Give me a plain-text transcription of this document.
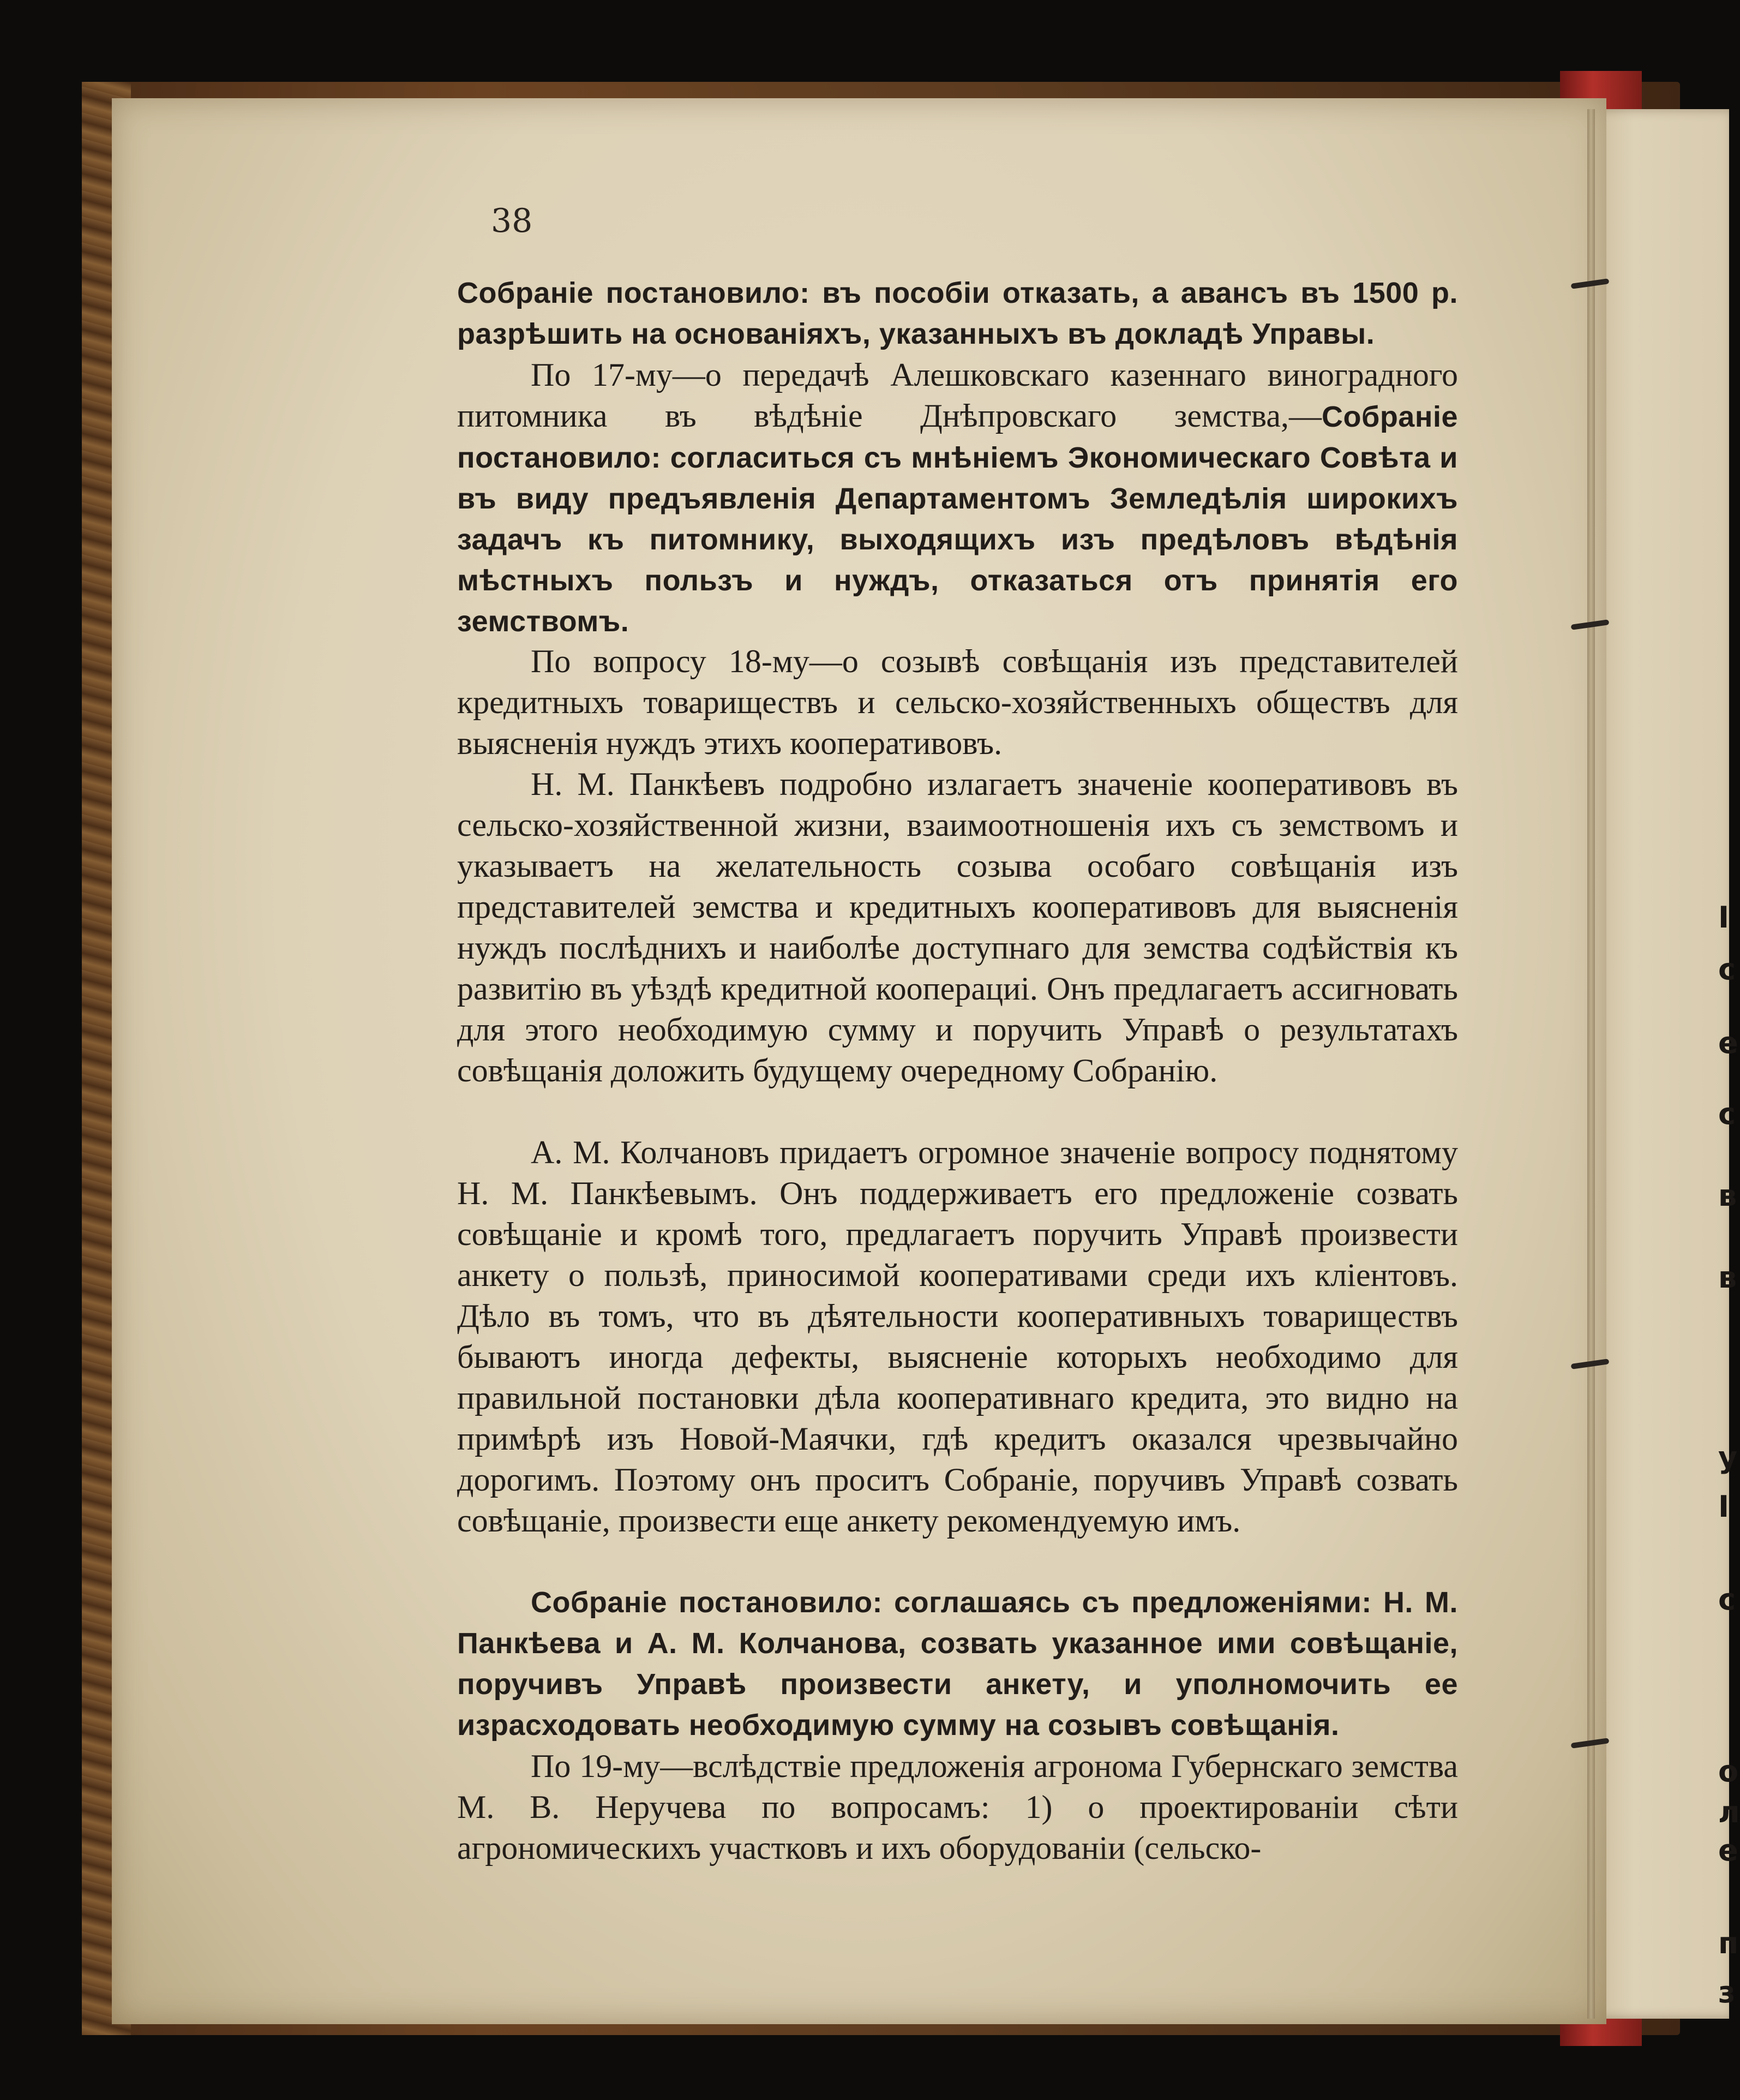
I
с
е
с
в
в
у
I
с
о
л
е
п
з

38

Собраніе постановило: въ пособіи отказать, а авансъ въ 1500 р. разрѣшить на основаніяхъ, указанныхъ въ докладѣ Управы.

По 17-му—о передачѣ Алешковскаго казеннаго виноградного питомника въ вѣдѣніе Днѣпровскаго земства,—Собраніе постановило: согласиться съ мнѣніемъ Экономическаго Совѣта и въ виду предъявленія Департаментомъ Земледѣлія широкихъ задачъ къ питомнику, выходящихъ изъ предѣловъ вѣдѣнія мѣстныхъ пользъ и нуждъ, отказаться отъ принятія его земствомъ.

По вопросу 18-му—о созывѣ совѣщанія изъ представителей кредитныхъ товариществъ и сельско-хозяйственныхъ обществъ для выясненія нуждъ этихъ кооперативовъ.

Н. М. Панкѣевъ подробно излагаетъ значеніе кооперативовъ въ сельско-хозяйственной жизни, взаимоотношенія ихъ съ земствомъ и указываетъ на желательность созыва особаго совѣщанія изъ представителей земства и кредитныхъ кооперативовъ для выясненія нуждъ послѣднихъ и наиболѣе доступнаго для земства содѣйствія къ развитію въ уѣздѣ кредитной кооперациі. Онъ предлагаетъ ассигновать для этого необходимую сумму и поручить Управѣ о результатахъ совѣщанія доложить будущему очередному Собранію.

А. М. Колчановъ придаетъ огромное значеніе вопросу поднятому Н. М. Панкѣевымъ. Онъ поддерживаетъ его предложеніе созвать совѣщаніе и кромѣ того, предлагаетъ поручить Управѣ произвести анкету о пользѣ, приносимой кооперативами среди ихъ кліентовъ. Дѣло въ томъ, что въ дѣятельности кооперативныхъ товариществъ бываютъ иногда дефекты, выясненіе которыхъ необходимо для правильной постановки дѣла кооперативнаго кредита, это видно на примѣрѣ изъ Новой-Маячки, гдѣ кредитъ оказался чрезвычайно дорогимъ. Поэтому онъ проситъ Собраніе, поручивъ Управѣ созвать совѣщаніе, произвести еще анкету рекомендуемую имъ.

Собраніе постановило: соглашаясь съ предложеніями: Н. М. Панкѣева и А. М. Колчанова, созвать указанное ими совѣщаніе, поручивъ Управѣ произвести анкету, и уполномочить ее израсходовать необходимую сумму на созывъ совѣщанія.

По 19-му—вслѣдствіе предложенія агронома Губернскаго земства М. В. Неручева по вопросамъ: 1) о проектированіи сѣти агрономическихъ участковъ и ихъ оборудованіи (сельско-
